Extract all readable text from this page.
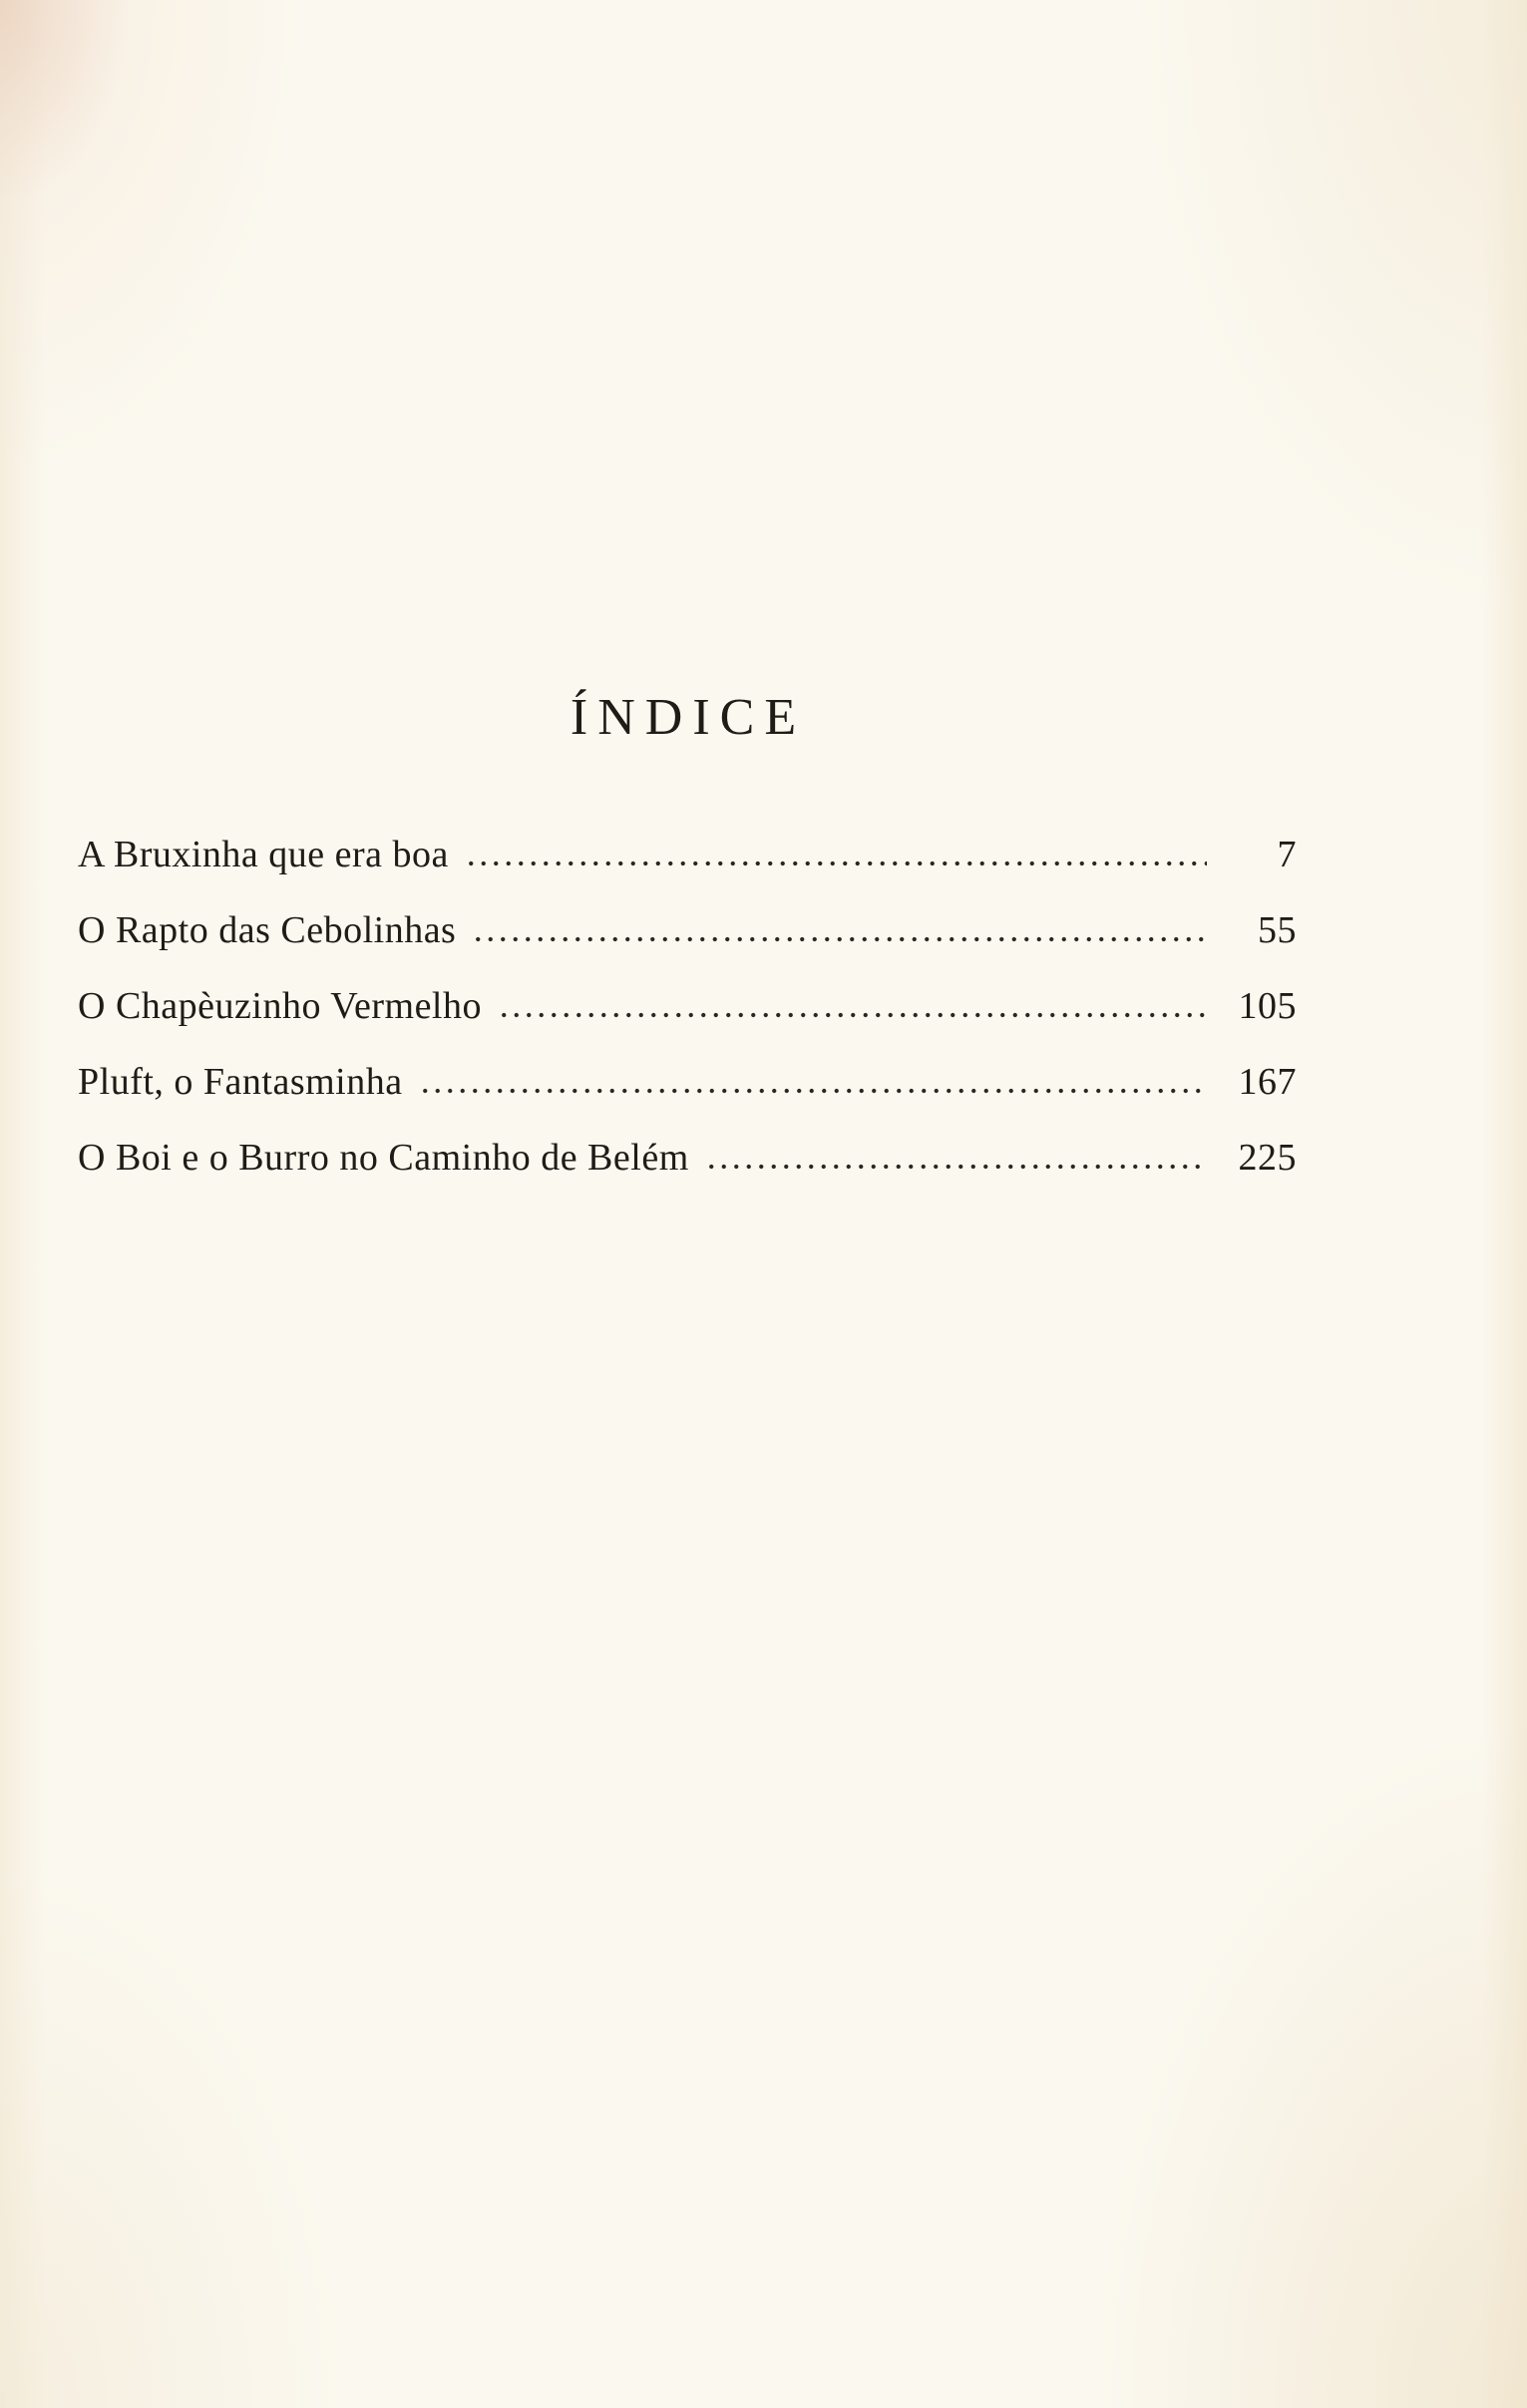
ÍNDICE
A Bruxinha que era boa	7
O Rapto das Cebolinhas	55
O Chapèuzinho Vermelho	105
Pluft, o Fantasminha	167
O Boi e o Burro no Caminho de Belém	225
